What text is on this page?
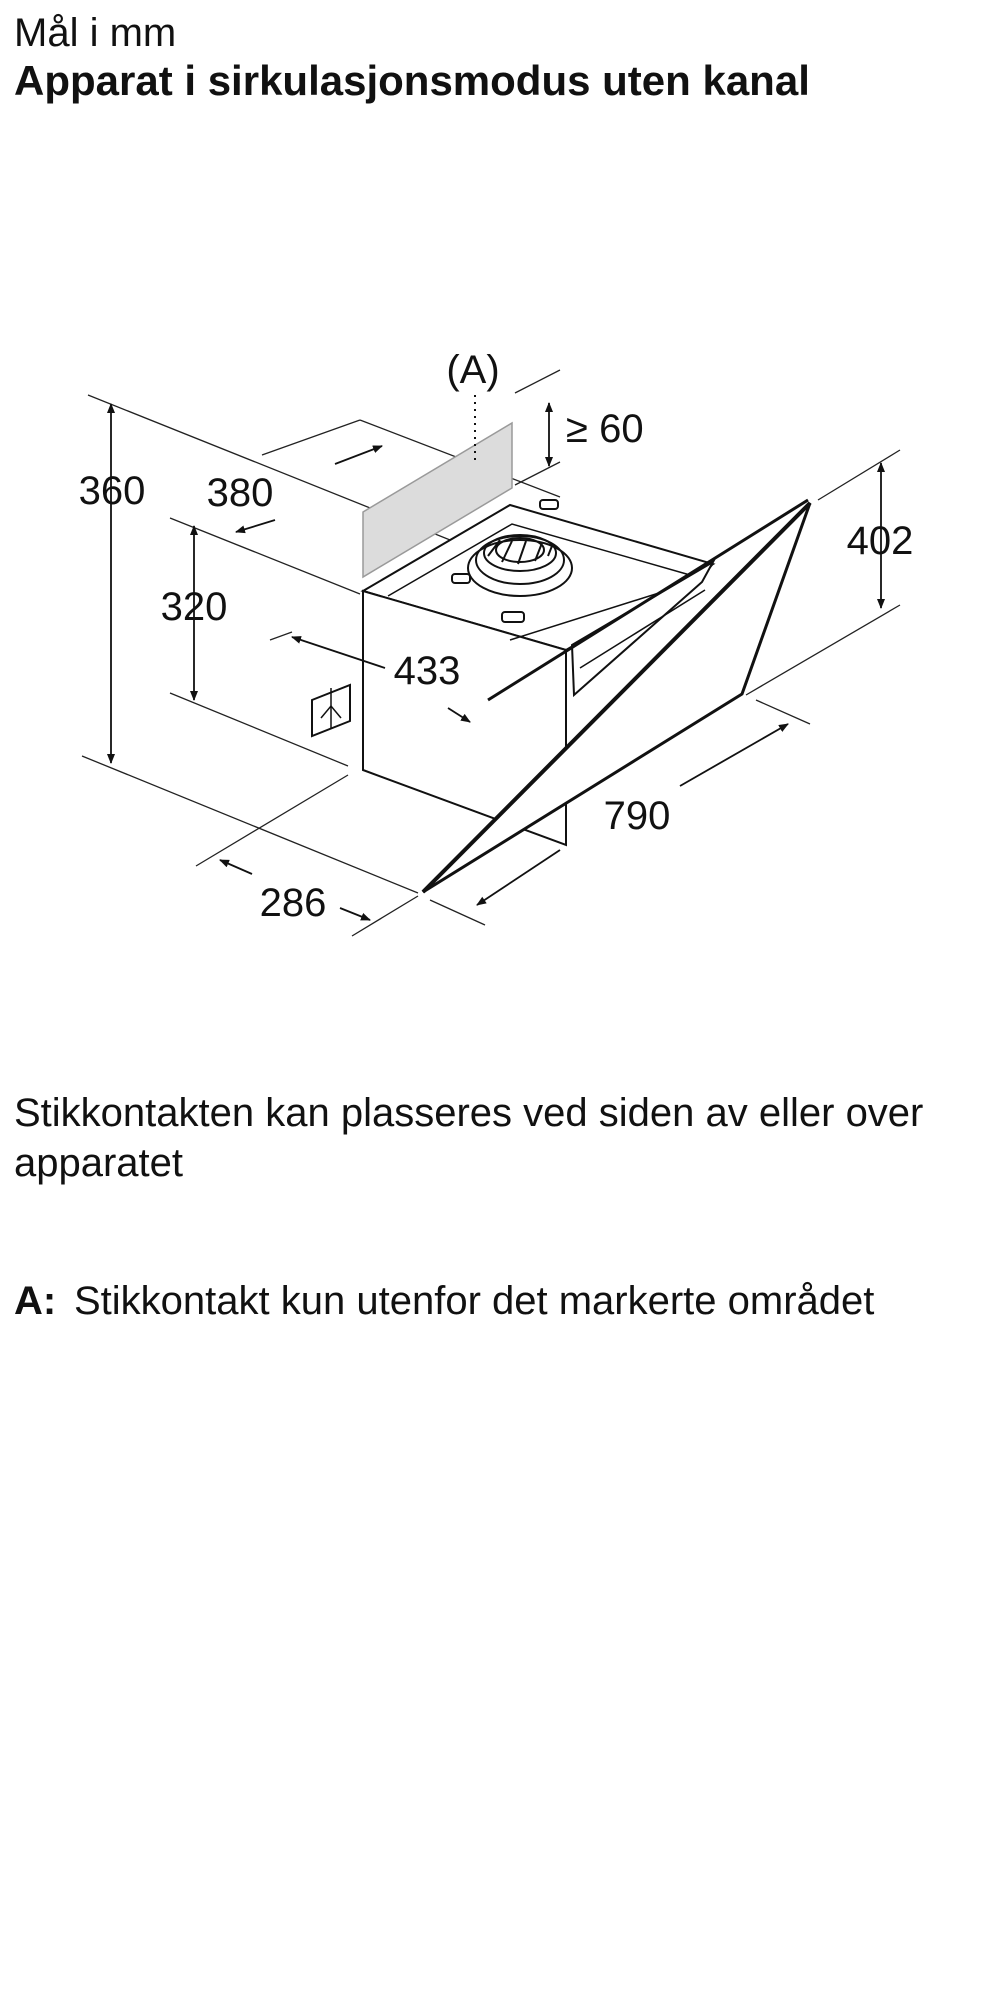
Mål i mm
Apparat i sirkulasjonsmodus uten kanal
(A)
360 380
320
433
≥ 60
402
790
286
Stikkontakten kan plasseres ved siden av eller over apparatet
A: Stikkontakt kun utenfor det markerte området
